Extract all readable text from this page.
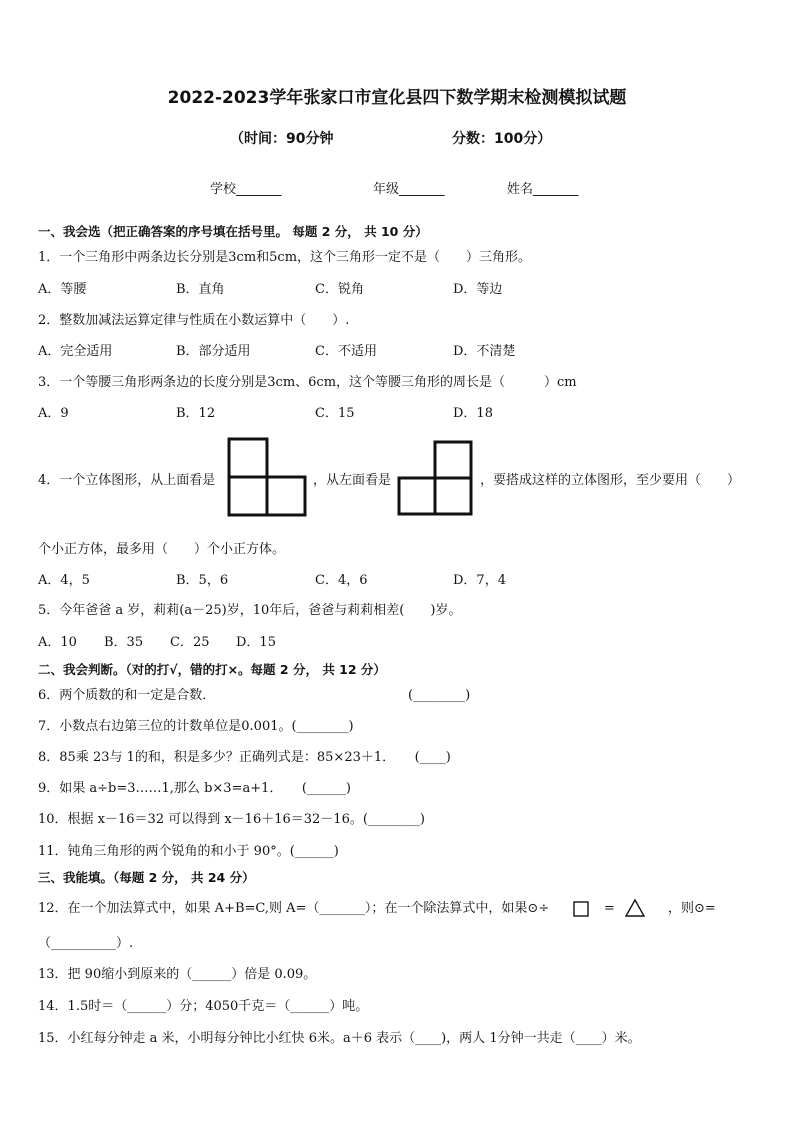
2022-2023学年张家口市宣化县四下数学期末检测模拟试题
（时间：90分钟	分数：100分）
学校_______	年级_______	姓名_______
一、我会选（把正确答案的序号填在括号里。 每题 2 分， 共 10 分）
1．一个三角形中两条边长分别是3cm和5cm，这个三角形一定不是（　　）三角形。
A．等腰	B．直角	C．锐角	D．等边
2．整数加减法运算定律与性质在小数运算中（　　）.
A．完全适用	B．部分适用	C．不适用	D．不清楚
3．一个等腰三角形两条边的长度分别是3cm、6cm，这个等腰三角形的周长是（　　　）cm
A．9	B．12	C．15	D．18
4．一个立体图形，从上面看是	，从左面看是	，要搭成这样的立体图形，至少要用（　　）
个小正方体，最多用（　　）个小正方体。
A．4，5	B．5，6	C．4，6	D．7，4
5．今年爸爸 a 岁，莉莉(a－25)岁，10年后，爸爸与莉莉相差(　　)岁。
A．10 B．35 C．25 D．15
二、我会判断。（对的打√，错的打×。每题 2 分， 共 12 分）
6．两个质数的和一定是合数．	(________)
7．小数点右边第三位的计数单位是0.001。(________)
8．85乘 23与 1的和，积是多少？正确列式是：85×23＋1．　　(____)
9．如果 a÷b=3……1,那么 b×3=a+1．　　(______)
10．根据 x－16＝32 可以得到 x－16＋16＝32－16。(________)
11．钝角三角形的两个锐角的和小于 90°。(______)
三、我能填。（每题 2 分， 共 24 分）
12．在一个加法算式中，如果 A+B=C,则 A=（_______）；在一个除法算式中，如果⊙÷	=	，则⊙=
（__________）.
13．把 90缩小到原来的（______）倍是 0.09。
14．1.5时＝（______）分；4050千克＝（______）吨。
15．小红每分钟走 a 米，小明每分钟比小红快 6米。a＋6 表示（____)，两人 1分钟一共走（____）米。
